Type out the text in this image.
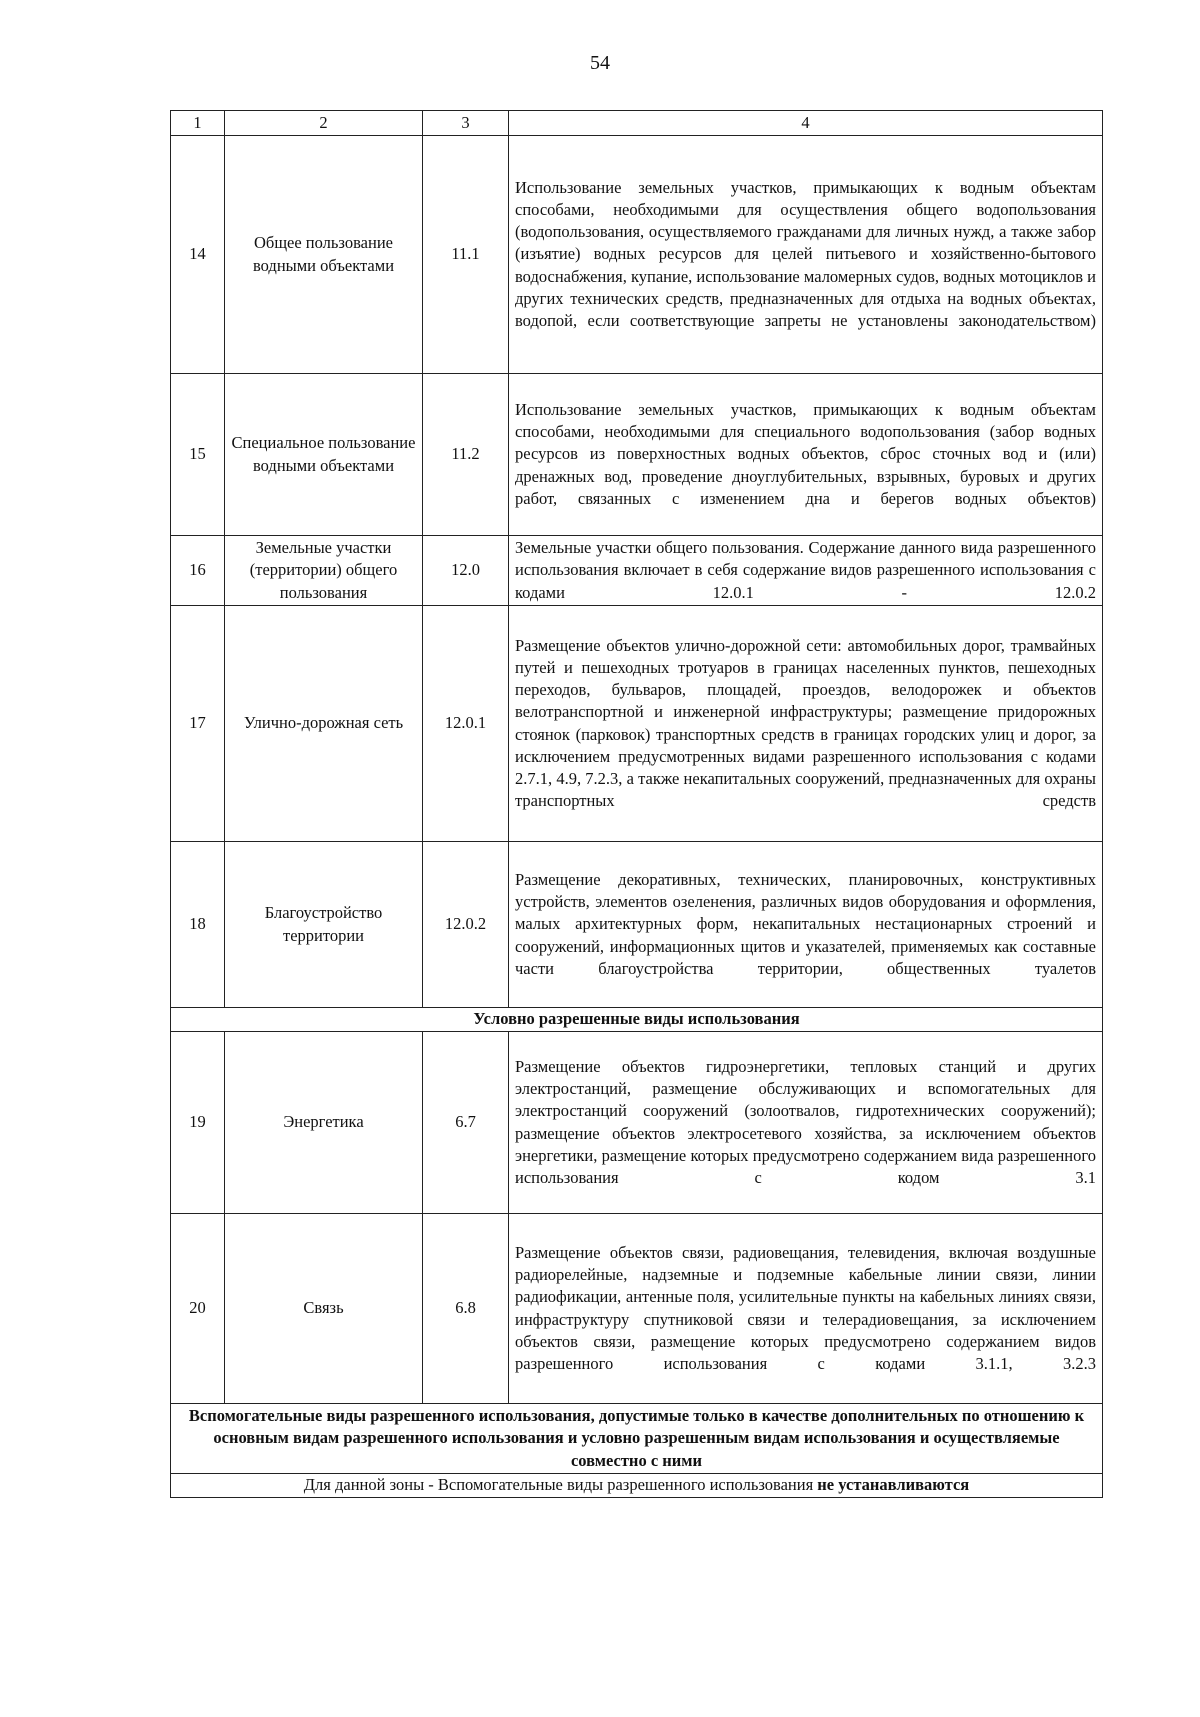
54
1	2	3	4
14	Общее пользование водными объектами	11.1	Использование земельных участков, примыкающих к водным объектам способами, необходимыми для осуществления общего водопользования (водопользования, осуществляемого гражданами для личных нужд, а также забор (изъятие) водных ресурсов для целей питьевого и хозяйственно-бытового водоснабжения, купание, использование маломерных судов, водных мотоциклов и других технических средств, предназначенных для отдыха на водных объектах, водопой, если соответствующие запреты не установлены законодательством)
15	Специальное пользование водными объектами	11.2	Использование земельных участков, примыкающих к водным объектам способами, необходимыми для специального водопользования (забор водных ресурсов из поверхностных водных объектов, сброс сточных вод и (или) дренажных вод, проведение дноуглубительных, взрывных, буровых и других работ, связанных с изменением дна и берегов водных объектов)
16	Земельные участки (территории) общего пользования	12.0	Земельные участки общего пользования. Содержание данного вида разрешенного использования включает в себя содержание видов разрешенного использования с кодами 12.0.1 - 12.0.2
17	Улично-дорожная сеть	12.0.1	Размещение объектов улично-дорожной сети: автомобильных дорог, трамвайных путей и пешеходных тротуаров в границах населенных пунктов, пешеходных переходов, бульваров, площадей, проездов, велодорожек и объектов велотранспортной и инженерной инфраструктуры; размещение придорожных стоянок (парковок) транспортных средств в границах городских улиц и дорог, за исключением предусмотренных видами разрешенного использования с кодами 2.7.1, 4.9, 7.2.3, а также некапитальных сооружений, предназначенных для охраны транспортных средств
18	Благоустройство территории	12.0.2	Размещение декоративных, технических, планировочных, конструктивных устройств, элементов озеленения, различных видов оборудования и оформления, малых архитектурных форм, некапитальных нестационарных строений и сооружений, информационных щитов и указателей, применяемых как составные части благоустройства территории, общественных туалетов
Условно разрешенные виды использования			
19	Энергетика	6.7	Размещение объектов гидроэнергетики, тепловых станций и других электростанций, размещение обслуживающих и вспомогательных для электростанций сооружений (золоотвалов, гидротехнических сооружений); размещение объектов электросетевого хозяйства, за исключением объектов энергетики, размещение которых предусмотрено содержанием вида разрешенного использования с кодом 3.1
20	Связь	6.8	Размещение объектов связи, радиовещания, телевидения, включая воздушные радиорелейные, надземные и подземные кабельные линии связи, линии радиофикации, антенные поля, усилительные пункты на кабельных линиях связи, инфраструктуру спутниковой связи и телерадиовещания, за исключением объектов связи, размещение которых предусмотрено содержанием видов разрешенного использования с кодами 3.1.1, 3.2.3
Вспомогательные виды разрешенного использования, допустимые только в качестве дополнительных по отношению к основным видам разрешенного использования и условно разрешенным видам использования и осуществляемые совместно с ними			
Для данной зоны - Вспомогательные виды разрешенного использования не устанавливаются			
